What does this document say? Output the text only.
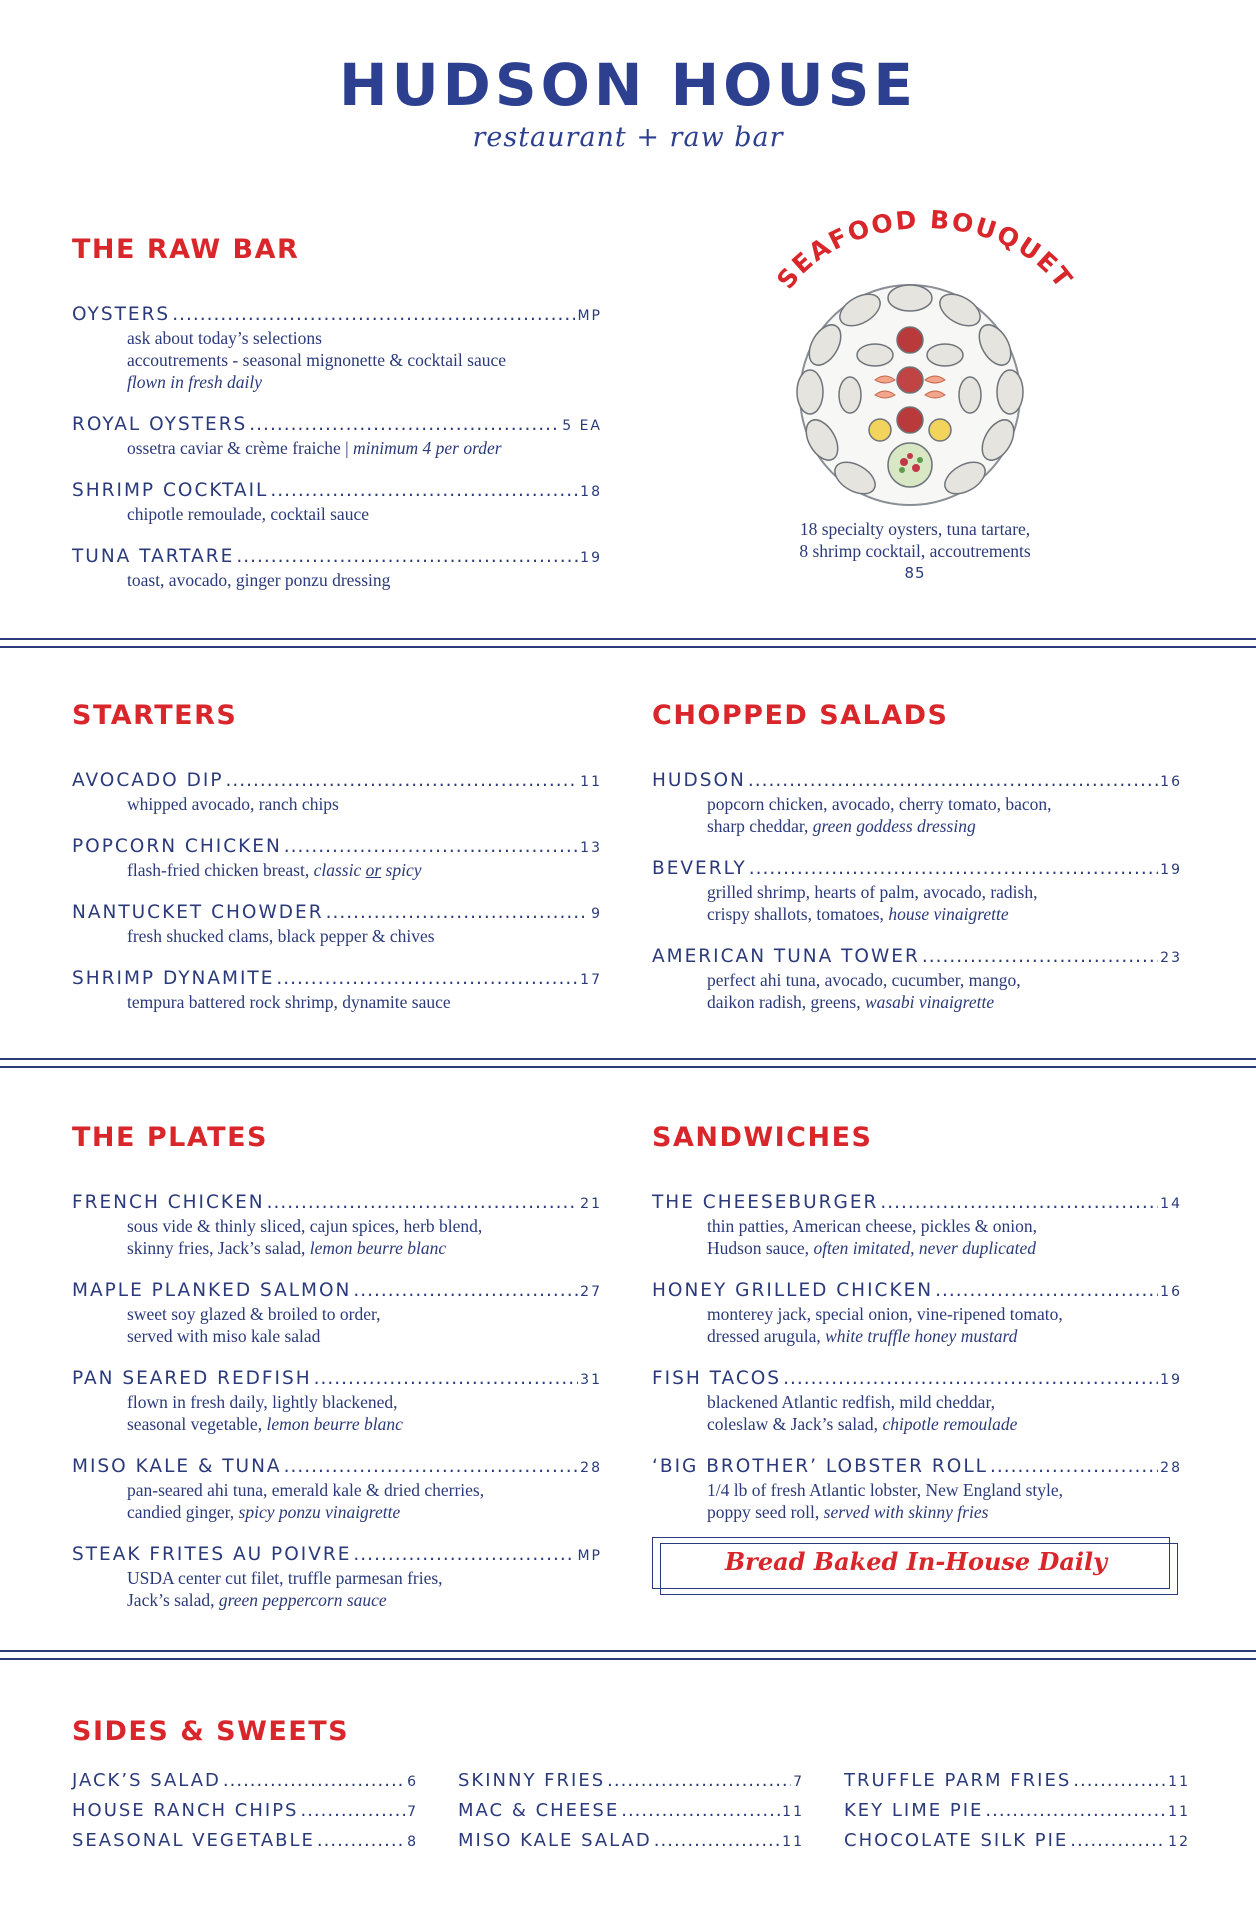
HUDSON HOUSE
restaurant + raw bar
THE RAW BAR
OYSTERS .....	MP
ask about today’s selections
accoutrements - seasonal mignonette & cocktail sauce
flown in fresh daily
ROYAL OYSTERS .....	5 EA
ossetra caviar & crème fraiche | minimum 4 per order
SHRIMP COCKTAIL .....	18
chipotle remoulade, cocktail sauce
TUNA TARTARE .....	19
toast, avocado, ginger ponzu dressing
SEAFOOD BOUQUET
18 specialty oysters, tuna tartare,
8 shrimp cocktail, accoutrements
85
STARTERS
AVOCADO DIP .....	11
whipped avocado, ranch chips
POPCORN CHICKEN .....	13
flash-fried chicken breast, classic or spicy
NANTUCKET CHOWDER .....	9
fresh shucked clams, black pepper & chives
SHRIMP DYNAMITE .....	17
tempura battered rock shrimp, dynamite sauce
CHOPPED SALADS
HUDSON .....	16
popcorn chicken, avocado, cherry tomato, bacon,
sharp cheddar, green goddess dressing
BEVERLY .....	19
grilled shrimp, hearts of palm, avocado, radish,
crispy shallots, tomatoes, house vinaigrette
AMERICAN TUNA TOWER .....	23
perfect ahi tuna, avocado, cucumber, mango,
daikon radish, greens, wasabi vinaigrette
THE PLATES
FRENCH CHICKEN .....	21
sous vide & thinly sliced, cajun spices, herb blend,
skinny fries, Jack’s salad, lemon beurre blanc
MAPLE PLANKED SALMON .....	27
sweet soy glazed & broiled to order,
served with miso kale salad
PAN SEARED REDFISH .....	31
flown in fresh daily, lightly blackened,
seasonal vegetable, lemon beurre blanc
MISO KALE & TUNA .....	28
pan-seared ahi tuna, emerald kale & dried cherries,
candied ginger, spicy ponzu vinaigrette
STEAK FRITES AU POIVRE .....	MP
USDA center cut filet, truffle parmesan fries,
Jack’s salad, green peppercorn sauce
SANDWICHES
THE CHEESEBURGER .....	14
thin patties, American cheese, pickles & onion,
Hudson sauce, often imitated, never duplicated
HONEY GRILLED CHICKEN .....	16
monterey jack, special onion, vine-ripened tomato,
dressed arugula, white truffle honey mustard
FISH TACOS .....	19
blackened Atlantic redfish, mild cheddar,
coleslaw & Jack’s salad, chipotle remoulade
‘BIG BROTHER’ LOBSTER ROLL .....	28
1/4 lb of fresh Atlantic lobster, New England style,
poppy seed roll, served with skinny fries
Bread Baked In-House Daily
SIDES & SWEETS
JACK’S SALAD .....	6
HOUSE RANCH CHIPS .....	7
SEASONAL VEGETABLE .....	8
SKINNY FRIES .....	7
MAC & CHEESE .....	11
MISO KALE SALAD .....	11
TRUFFLE PARM FRIES .....	11
KEY LIME PIE .....	11
CHOCOLATE SILK PIE .....	12
